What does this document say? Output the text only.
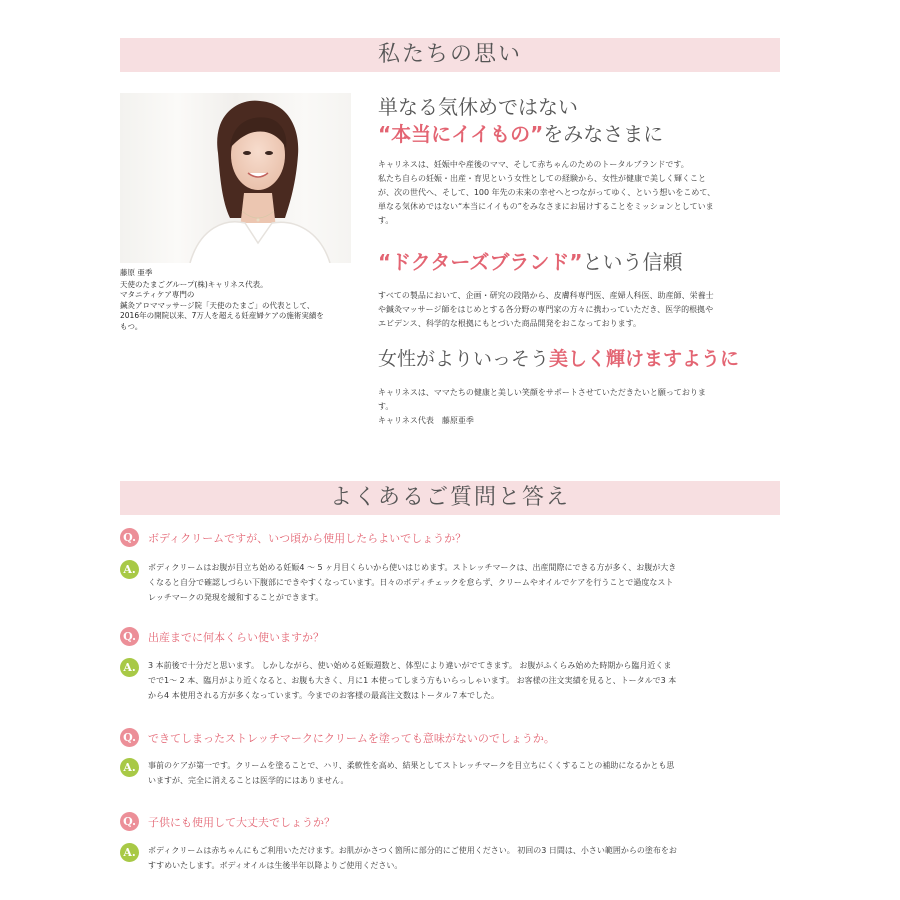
私たちの思い
藤原 亜季
天使のたまごグループ(株)キャリネス代表。
マタニティケア専門の
鍼灸アロママッサージ院「天使のたまご」の代表として、
2016年の開院以来、7万人を超える妊産婦ケアの施術実績を
もつ。
単なる気休めではない
“本当にイイもの”をみなさまに
キャリネスは、妊娠中や産後のママ、そして赤ちゃんのためのトータルブランドです。
私たち自らの妊娠・出産・育児という女性としての経験から、女性が健康で美しく輝くこと
が、次の世代へ、そして、100 年先の未来の幸せへとつながってゆく、という想いをこめて、
単なる気休めではない“本当にイイもの”をみなさまにお届けすることをミッションとしていま
す。
“ドクターズブランド”という信頼
すべての製品において、企画・研究の段階から、皮膚科専門医、産婦人科医、助産師、栄養士
や鍼灸マッサージ師をはじめとする各分野の専門家の方々に携わっていただき、医学的根拠や
エビデンス、科学的な根拠にもとづいた商品開発をおこなっております。
女性がよりいっそう美しく輝けますように
キャリネスは、ママたちの健康と美しい笑顔をサポートさせていただきたいと願っておりま
す。
キャリネス代表　藤原亜季
よくあるご質問と答え
Q. ボディクリームですが、いつ頃から使用したらよいでしょうか？
A.	ボディクリームはお腹が目立ち始める妊娠4 〜 5 ヶ月目くらいから使いはじめます。ストレッチマークは、出産間際にできる方が多く、お腹が大き
くなると自分で確認しづらい下腹部にできやすくなっています。日々のボディチェックを怠らず、クリームやオイルでケアを行うことで過度なスト
レッチマークの発現を緩和することができます。
Q. 出産までに何本くらい使いますか？
A.	3 本前後で十分だと思います。 しかしながら、使い始める妊娠週数と、体型により違いがでてきます。 お腹がふくらみ始めた時期から臨月近くま
でで1〜 2 本、臨月がより近くなると、お腹も大きく、月に1 本使ってしまう方もいらっしゃいます。 お客様の注文実績を見ると、トータルで3 本
から4 本使用される方が多くなっています。今までのお客様の最高注文数はトータル７本でした。
Q. できてしまったストレッチマークにクリームを塗っても意味がないのでしょうか。
A.	事前のケアが第一です。クリームを塗ることで、ハリ、柔軟性を高め、結果としてストレッチマークを目立ちにくくすることの補助になるかとも思
いますが、完全に消えることは医学的にはありません。
Q. 子供にも使用して大丈夫でしょうか？
A.	ボディクリームは赤ちゃんにもご利用いただけます。お肌がかさつく箇所に部分的にご使用ください。 初回の3 日間は、小さい範囲からの塗布をお
すすめいたします。ボディオイルは生後半年以降よりご使用ください。
